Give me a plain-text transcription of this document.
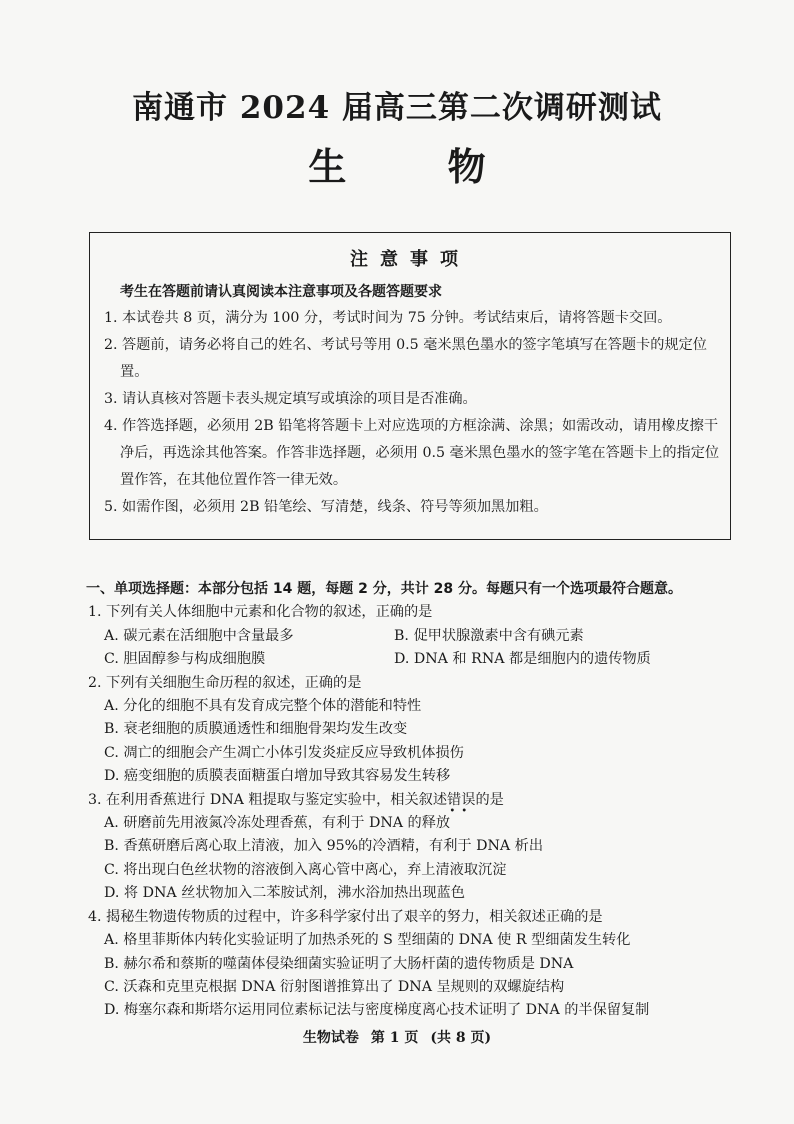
南通市 2024 届高三第二次调研测试
生 物
注意事项
考生在答题前请认真阅读本注意事项及各题答题要求
1. 本试卷共 8 页，满分为 100 分，考试时间为 75 分钟。考试结束后，请将答题卡交回。
2. 答题前，请务必将自己的姓名、考试号等用 0.5 毫米黑色墨水的签字笔填写在答题卡的规定位置。
3. 请认真核对答题卡表头规定填写或填涂的项目是否准确。
4. 作答选择题，必须用 2B 铅笔将答题卡上对应选项的方框涂满、涂黑；如需改动，请用橡皮擦干净后，再选涂其他答案。作答非选择题，必须用 0.5 毫米黑色墨水的签字笔在答题卡上的指定位置作答，在其他位置作答一律无效。
5. 如需作图，必须用 2B 铅笔绘、写清楚，线条、符号等须加黑加粗。
一、单项选择题：本部分包括 14 题，每题 2 分，共计 28 分。每题只有一个选项最符合题意。
1. 下列有关人体细胞中元素和化合物的叙述，正确的是
A. 碳元素在活细胞中含量最多	B. 促甲状腺激素中含有碘元素
C. 胆固醇参与构成细胞膜	D. DNA 和 RNA 都是细胞内的遗传物质
2. 下列有关细胞生命历程的叙述，正确的是
A. 分化的细胞不具有发育成完整个体的潜能和特性
B. 衰老细胞的质膜通透性和细胞骨架均发生改变
C. 凋亡的细胞会产生凋亡小体引发炎症反应导致机体损伤
D. 癌变细胞的质膜表面糖蛋白增加导致其容易发生转移
3. 在利用香蕉进行 DNA 粗提取与鉴定实验中，相关叙述错误
••
的是
A. 研磨前先用液氮冷冻处理香蕉，有利于 DNA 的释放
B. 香蕉研磨后离心取上清液，加入 95%的冷酒精，有利于 DNA 析出
C. 将出现白色丝状物的溶液倒入离心管中离心，弃上清液取沉淀
D. 将 DNA 丝状物加入二苯胺试剂，沸水浴加热出现蓝色
4. 揭秘生物遗传物质的过程中，许多科学家付出了艰辛的努力，相关叙述正确的是
A. 格里菲斯体内转化实验证明了加热杀死的 S 型细菌的 DNA 使 R 型细菌发生转化
B. 赫尔希和蔡斯的噬菌体侵染细菌实验证明了大肠杆菌的遗传物质是 DNA
C. 沃森和克里克根据 DNA 衍射图谱推算出了 DNA 呈规则的双螺旋结构
D. 梅塞尔森和斯塔尔运用同位素标记法与密度梯度离心技术证明了 DNA 的半保留复制
生物试卷 第 1 页 (共 8 页)
